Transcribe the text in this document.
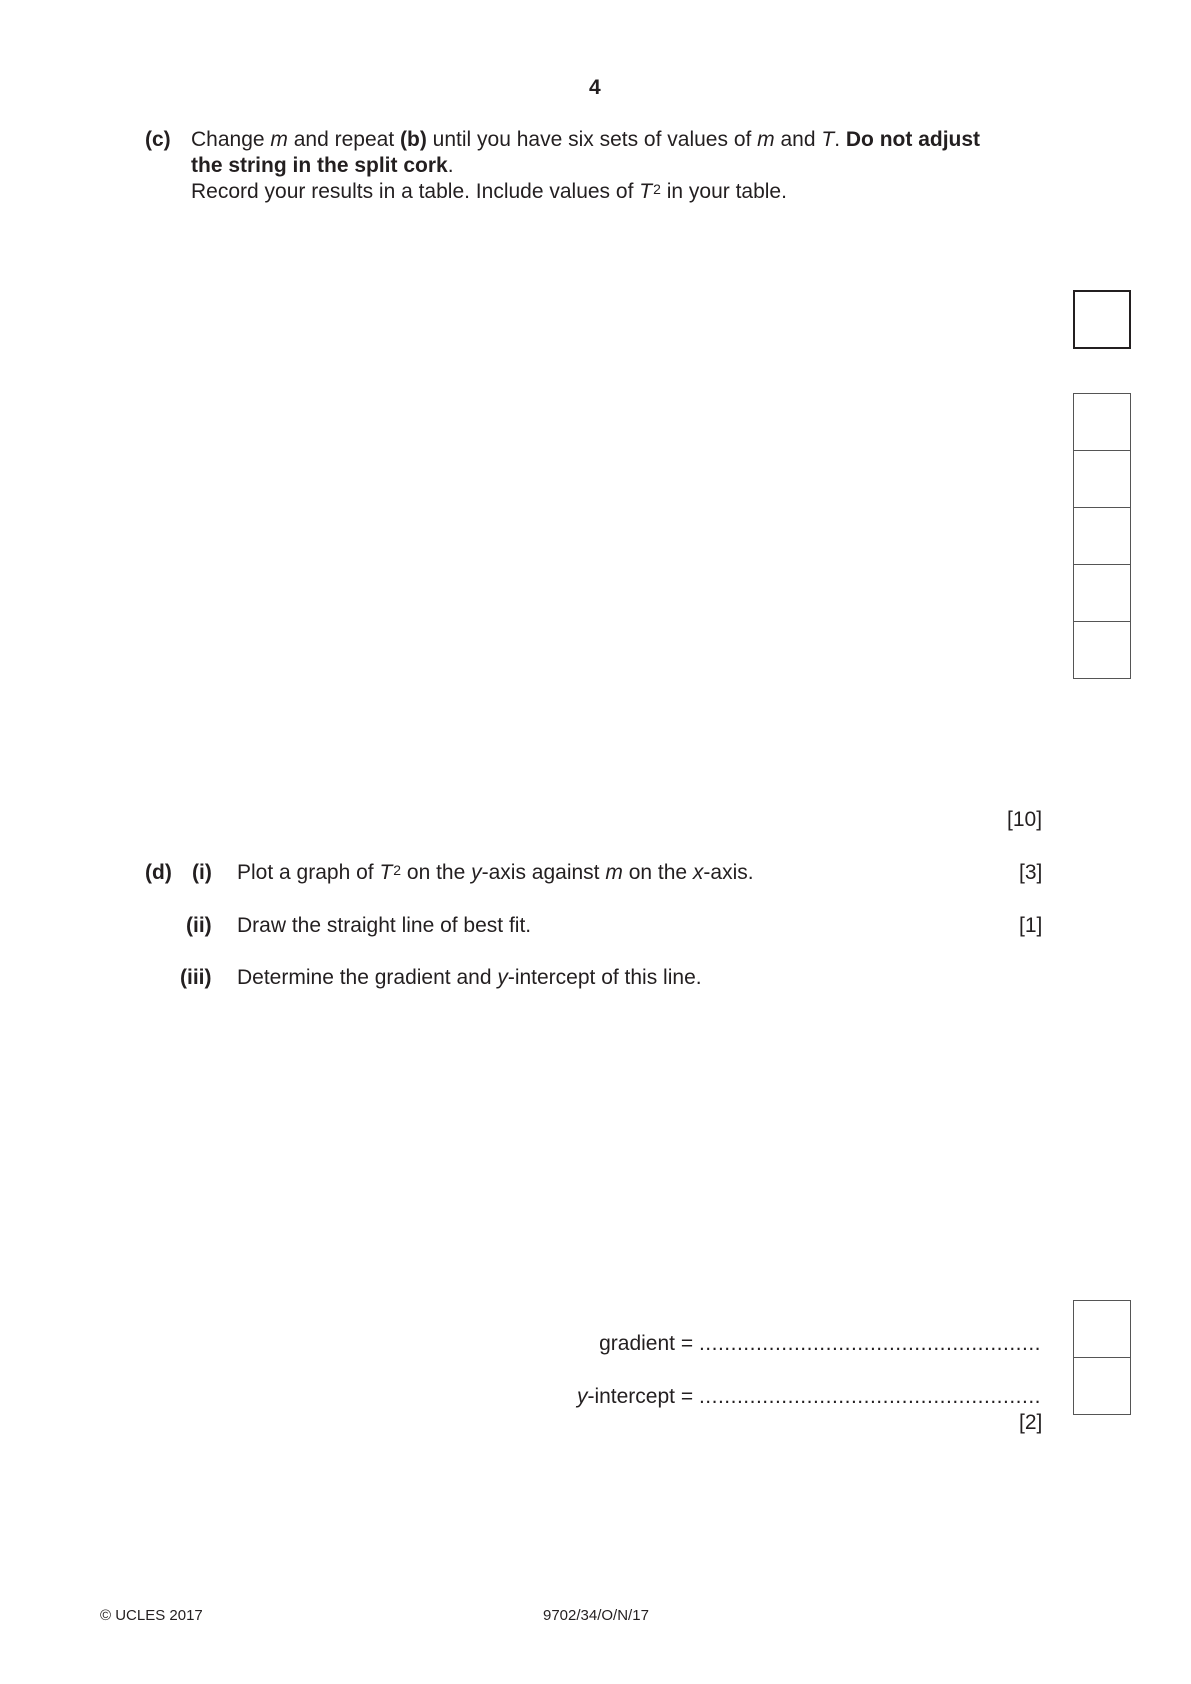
4
(c) Change m and repeat (b) until you have six sets of values of m and T. Do not adjust
the string in the split cork.
Record your results in a table. Include values of $T^2$ in your table.
[10]
(d) (i) Plot a graph of $T^2$ on the y-axis against m on the x-axis.	[3]
(ii) Draw the straight line of best fit.	[1]
(iii) Determine the gradient and y-intercept of this line.
gradient = ......................................................
y-intercept = ......................................................
[2]
© UCLES 2017	9702/34/O/N/17
